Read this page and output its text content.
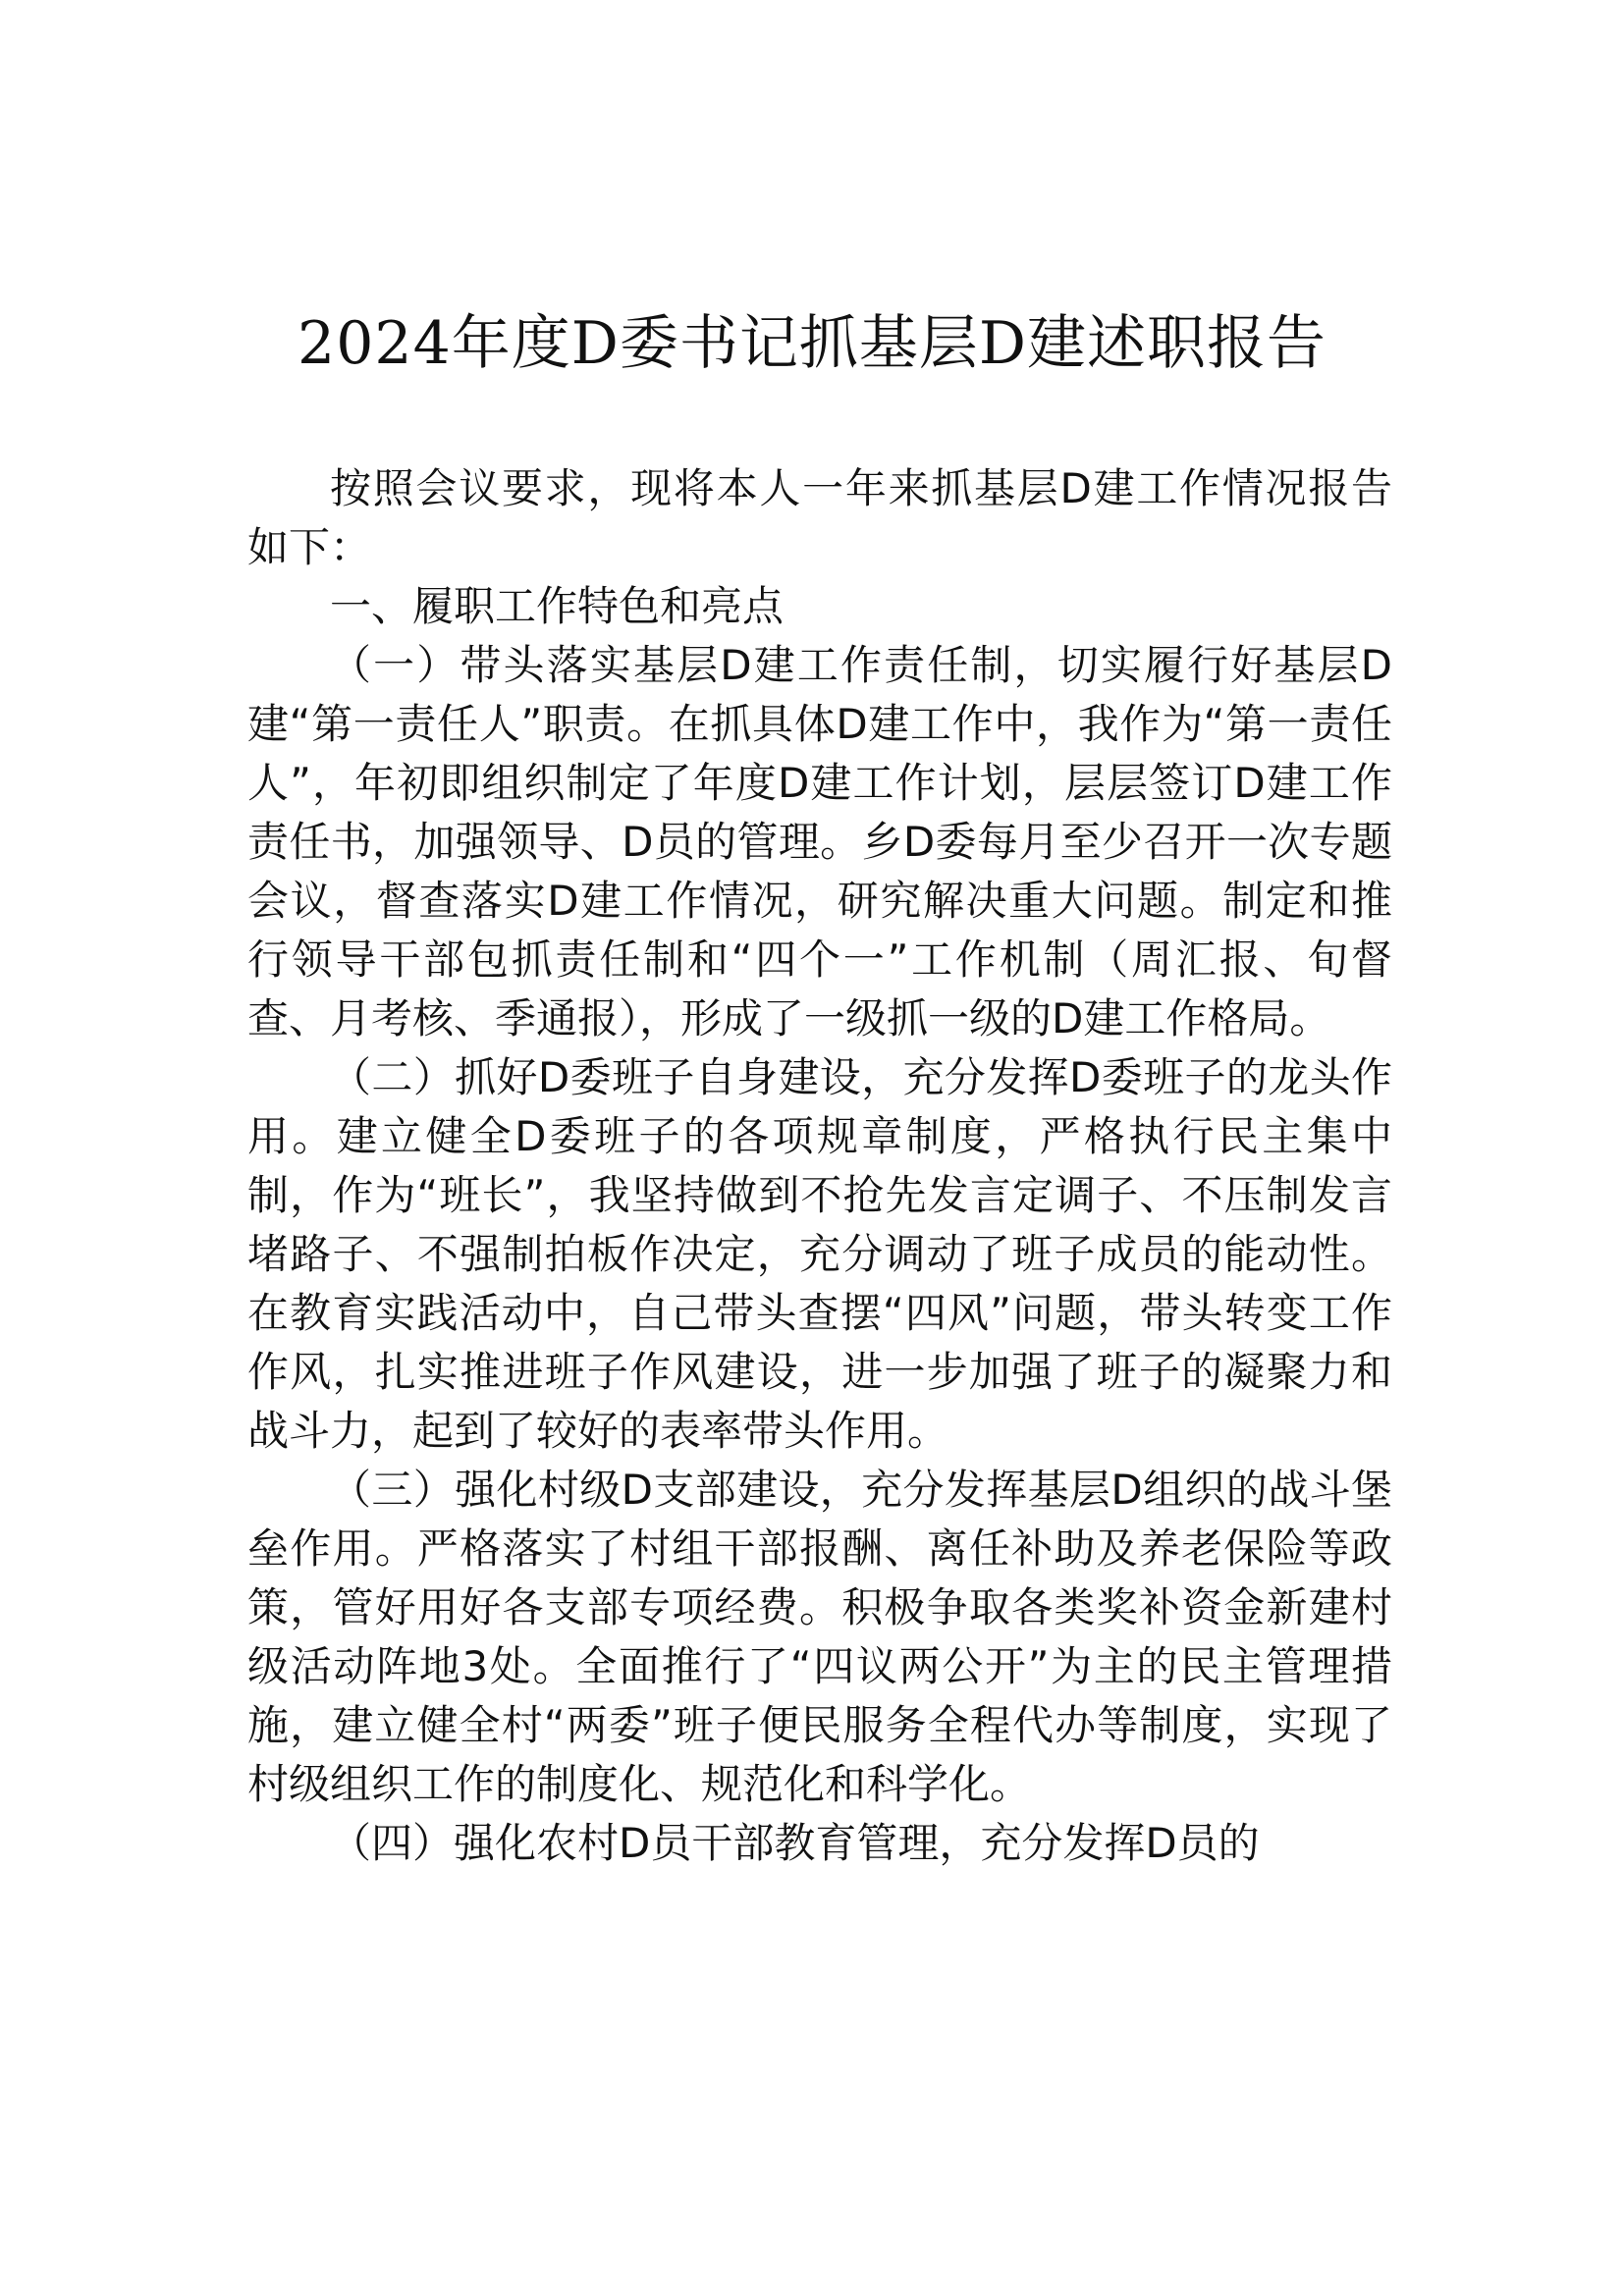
2024年度D委书记抓基层D建述职报告

按照会议要求，现将本人一年来抓基层D建工作情况报告如下：

一、履职工作特色和亮点

（一）带头落实基层D建工作责任制，切实履行好基层D建“第一责任人”职责。在抓具体D建工作中，我作为“第一责任人”，年初即组织制定了年度D建工作计划，层层签订D建工作责任书，加强领导、D员的管理。乡D委每月至少召开一次专题会议，督查落实D建工作情况，研究解决重大问题。制定和推行领导干部包抓责任制和“四个一”工作机制（周汇报、旬督查、月考核、季通报），形成了一级抓一级的D建工作格局。

（二）抓好D委班子自身建设，充分发挥D委班子的龙头作用。建立健全D委班子的各项规章制度，严格执行民主集中制，作为“班长”，我坚持做到不抢先发言定调子、不压制发言堵路子、不强制拍板作决定，充分调动了班子成员的能动性。在教育实践活动中，自己带头查摆“四风”问题，带头转变工作作风，扎实推进班子作风建设，进一步加强了班子的凝聚力和战斗力，起到了较好的表率带头作用。

（三）强化村级D支部建设，充分发挥基层D组织的战斗堡垒作用。严格落实了村组干部报酬、离任补助及养老保险等政策，管好用好各支部专项经费。积极争取各类奖补资金新建村级活动阵地3处。全面推行了“四议两公开”为主的民主管理措施，建立健全村“两委”班子便民服务全程代办等制度，实现了村级组织工作的制度化、规范化和科学化。

（四）强化农村D员干部教育管理，充分发挥D员的
